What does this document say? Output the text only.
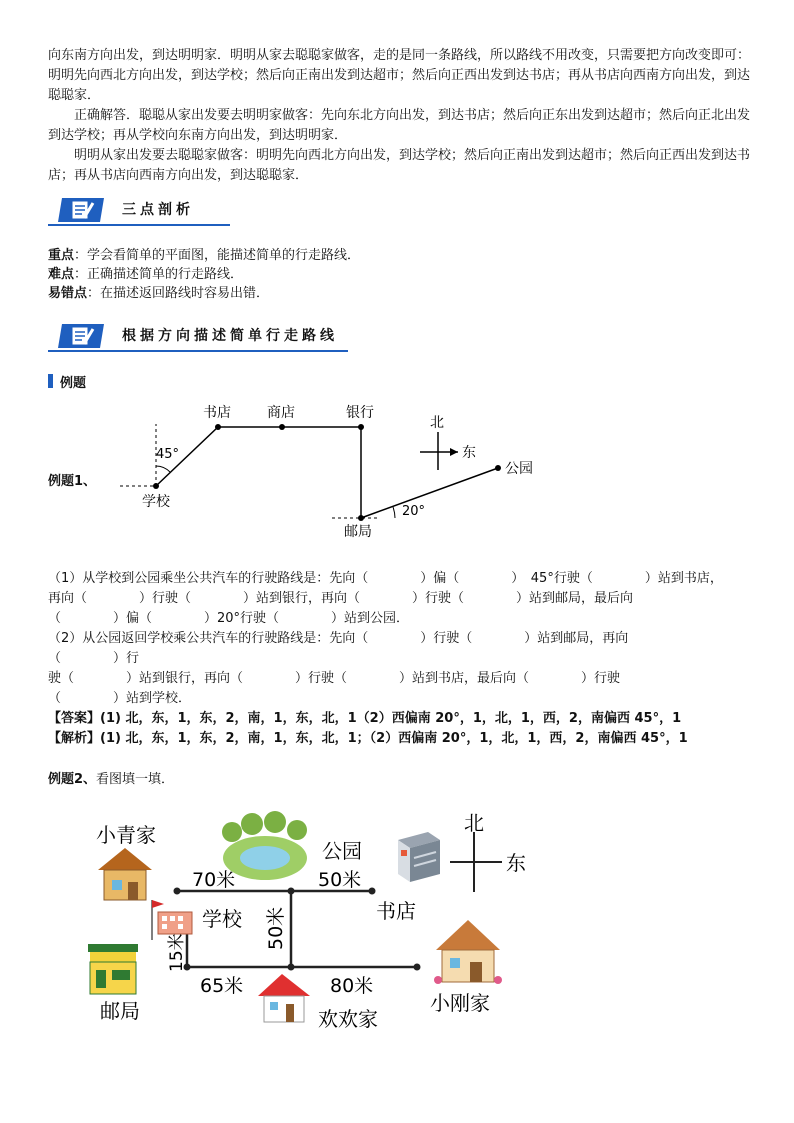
向东南方向出发，到达明明家．明明从家去聪聪家做客，走的是同一条路线，所以路线不用改变，只需要把方向改变即可：明明先向西北方向出发，到达学校；然后向正南出发到达超市；然后向正西出发到达书店；再从书店向西南方向出发，到达聪聪家．

正确解答．聪聪从家出发要去明明家做客：先向东北方向出发，到达书店；然后向正东出发到达超市；然后向正北出发到达学校；再从学校向东南方向出发，到达明明家．

明明从家出发要去聪聪家做客：明明先向西北方向出发，到达学校；然后向正南出发到达超市；然后向正西出发到达书店；再从书店向西南方向出发，到达聪聪家．

三点剖析
重点：学会看简单的平面图，能描述简单的行走路线．
难点：正确描述简单的行走路线．
易错点：在描述返回路线时容易出错．
根据方向描述简单行走路线
例题
例题1、
学校
书店	商店	银行
邮局
公园
45°
20°
北
东
（1）从学校到公园乘坐公共汽车的行驶路线是：先向（　　　　）偏（　　　　）　45°行驶（　　　　）站到书店，
再向（　　　　）行驶（　　　　）站到银行，再向（　　　　）行驶（　　　　）站到邮局，最后向
（　　　　）偏（　　　　）20°行驶（　　　　）站到公园．
（2）从公园返回学校乘公共汽车的行驶路线是：先向（　　　　）行驶（　　　　）站到邮局，再向
（　　　　）行
驶（　　　　）站到银行，再向（　　　　）行驶（　　　　）站到书店，最后向（　　　　）行驶
（　　　　）站到学校．
【答案】(1) 北，东，1，东，2，南，1，东，北，1（2）西偏南 20°，1，北，1，西，2，南偏西 45°，1
【解析】(1) 北，东，1，东，2，南，1，东，北，1；（2）西偏南 20°，1，北，1，西，2，南偏西 45°，1
例题2、看图填一填．
北
东
小青家
公园
学校	书店
邮局	欢欢家
小刚家
70米	50米
50米
15米
65米	80米
